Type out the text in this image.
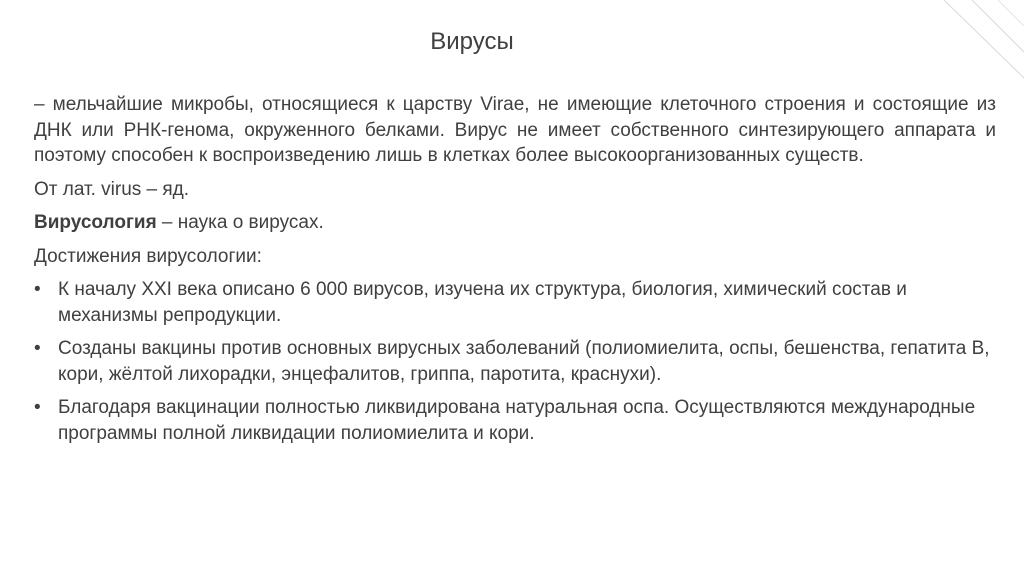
Вирусы

– мельчайшие микробы, относящиеся к царству Virae, не имеющие клеточного строения и состоящие из ДНК или РНК-генома, окруженного белками. Вирус не имеет собственного синтезирующего аппарата и поэтому способен к воспроизведению лишь в клетках более высокоорганизованных существ.

От лат. virus – яд.

Вирусология – наука о вирусах.

Достижения вирусологии:

• К началу XXI века описано 6 000 вирусов, изучена их структура, биология, химический состав и механизмы репродукции.
• Созданы вакцины против основных вирусных заболеваний (полиомиелита, оспы, бешенства, гепатита В, кори, жёлтой лихорадки, энцефалитов, гриппа, паротита, краснухи).
• Благодаря вакцинации полностью ликвидирована натуральная оспа. Осуществляются международные программы полной ликвидации полиомиелита и кори.
